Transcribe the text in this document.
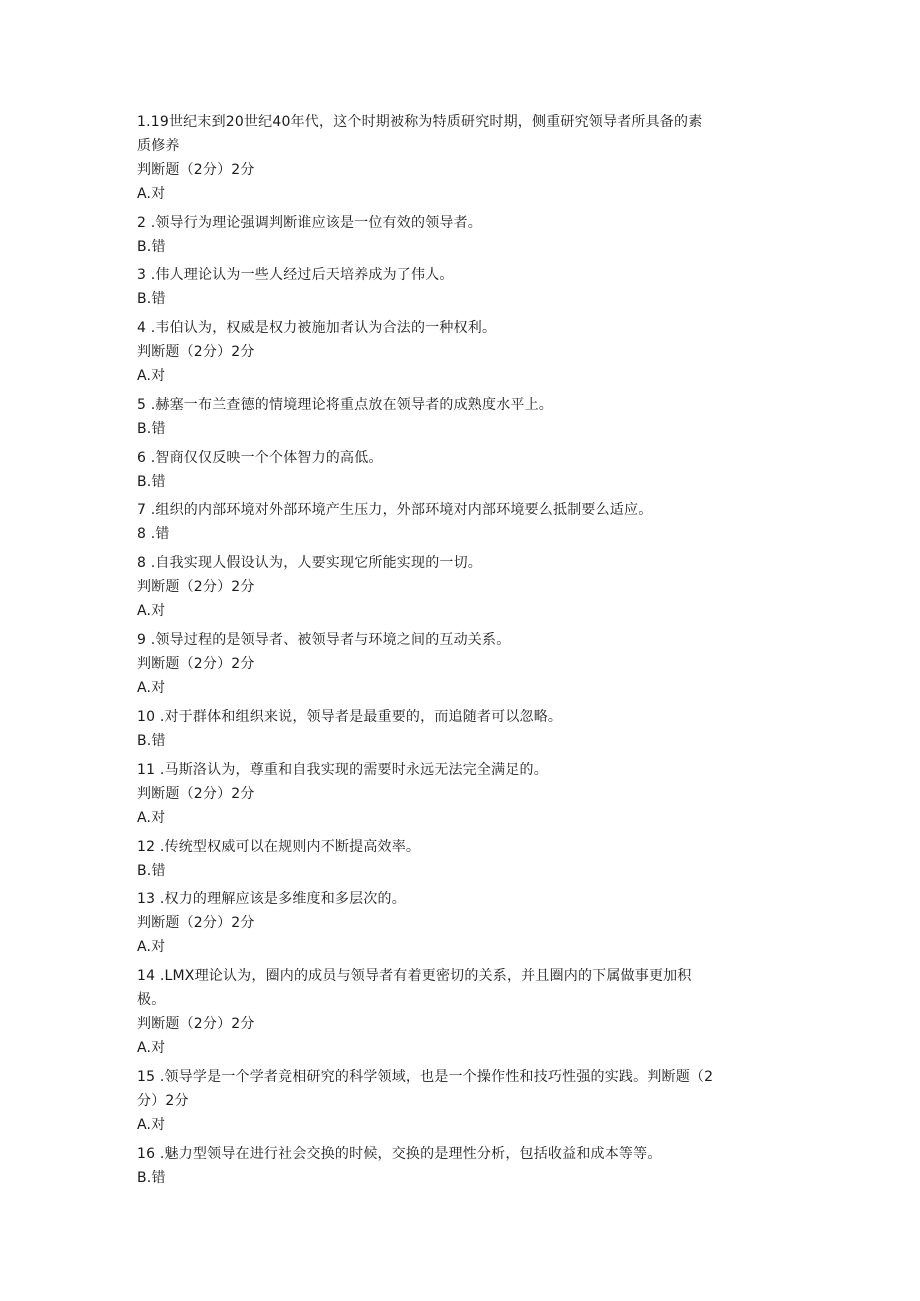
1.19世纪末到20世纪40年代，这个时期被称为特质研究时期，侧重研究领导者所具备的素
质修养
判断题（2分）2分
A.对
2 .领导行为理论强调判断谁应该是一位有效的领导者。
B.错
3 .伟人理论认为一些人经过后天培养成为了伟人。
B.错
4 .韦伯认为，权威是权力被施加者认为合法的一种权利。
判断题（2分）2分
A.对
5 .赫塞一布兰查德的情境理论将重点放在领导者的成熟度水平上。
B.错
6 .智商仅仅反映一个个体智力的高低。
B.错
7 .组织的内部环境对外部环境产生压力，外部环境对内部环境要么抵制要么适应。
8 .错
8 .自我实现人假设认为，人要实现它所能实现的一切。
判断题（2分）2分
A.对
9 .领导过程的是领导者、被领导者与环境之间的互动关系。
判断题（2分）2分
A.对
10 .对于群体和组织来说，领导者是最重要的，而追随者可以忽略。
B.错
11 .马斯洛认为，尊重和自我实现的需要时永远无法完全满足的。
判断题（2分）2分
A.对
12 .传统型权威可以在规则内不断提高效率。
B.错
13 .权力的理解应该是多维度和多层次的。
判断题（2分）2分
A.对
14 .LMX理论认为，圈内的成员与领导者有着更密切的关系，并且圈内的下属做事更加积
极。
判断题（2分）2分
A.对
15 .领导学是一个学者竞相研究的科学领域，也是一个操作性和技巧性强的实践。判断题（2
分）2分
A.对
16 .魅力型领导在进行社会交换的时候，交换的是理性分析，包括收益和成本等等。
B.错
